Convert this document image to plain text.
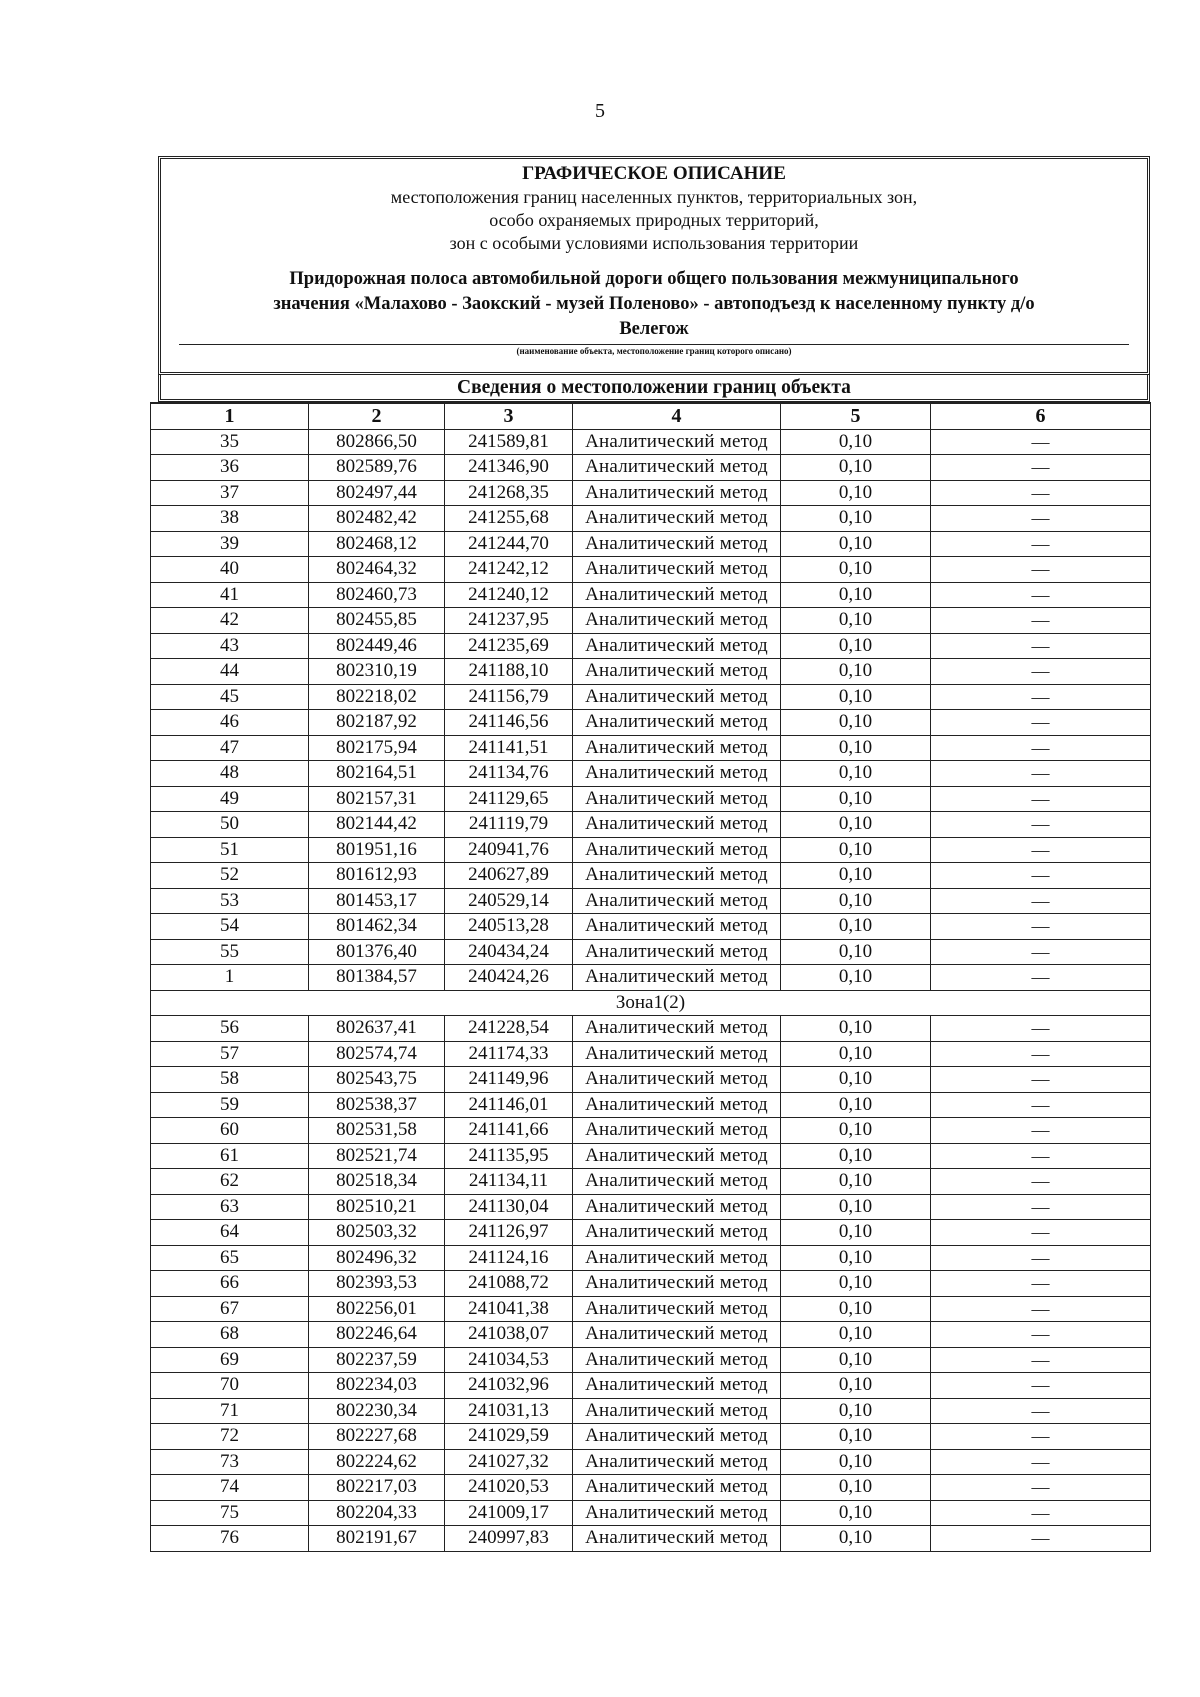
5
ГРАФИЧЕСКОЕ ОПИСАНИЕ
местоположения границ населенных пунктов, территориальных зон,
особо охраняемых природных территорий,
зон с особыми условиями использования территории
Придорожная полоса автомобильной дороги общего пользования межмуниципального
значения «Малахово - Заокский - музей Поленово» - автоподъезд к населенному пункту д/о
Велегож
(наименование объекта, местоположение границ которого описано)
Сведения о местоположении границ объекта
1	2	3	4	5	6
35	802866,50	241589,81	Аналитический метод	0,10	—
36	802589,76	241346,90	Аналитический метод	0,10	—
37	802497,44	241268,35	Аналитический метод	0,10	—
38	802482,42	241255,68	Аналитический метод	0,10	—
39	802468,12	241244,70	Аналитический метод	0,10	—
40	802464,32	241242,12	Аналитический метод	0,10	—
41	802460,73	241240,12	Аналитический метод	0,10	—
42	802455,85	241237,95	Аналитический метод	0,10	—
43	802449,46	241235,69	Аналитический метод	0,10	—
44	802310,19	241188,10	Аналитический метод	0,10	—
45	802218,02	241156,79	Аналитический метод	0,10	—
46	802187,92	241146,56	Аналитический метод	0,10	—
47	802175,94	241141,51	Аналитический метод	0,10	—
48	802164,51	241134,76	Аналитический метод	0,10	—
49	802157,31	241129,65	Аналитический метод	0,10	—
50	802144,42	241119,79	Аналитический метод	0,10	—
51	801951,16	240941,76	Аналитический метод	0,10	—
52	801612,93	240627,89	Аналитический метод	0,10	—
53	801453,17	240529,14	Аналитический метод	0,10	—
54	801462,34	240513,28	Аналитический метод	0,10	—
55	801376,40	240434,24	Аналитический метод	0,10	—
1	801384,57	240424,26	Аналитический метод	0,10	—
Зона1(2)					
56	802637,41	241228,54	Аналитический метод	0,10	—
57	802574,74	241174,33	Аналитический метод	0,10	—
58	802543,75	241149,96	Аналитический метод	0,10	—
59	802538,37	241146,01	Аналитический метод	0,10	—
60	802531,58	241141,66	Аналитический метод	0,10	—
61	802521,74	241135,95	Аналитический метод	0,10	—
62	802518,34	241134,11	Аналитический метод	0,10	—
63	802510,21	241130,04	Аналитический метод	0,10	—
64	802503,32	241126,97	Аналитический метод	0,10	—
65	802496,32	241124,16	Аналитический метод	0,10	—
66	802393,53	241088,72	Аналитический метод	0,10	—
67	802256,01	241041,38	Аналитический метод	0,10	—
68	802246,64	241038,07	Аналитический метод	0,10	—
69	802237,59	241034,53	Аналитический метод	0,10	—
70	802234,03	241032,96	Аналитический метод	0,10	—
71	802230,34	241031,13	Аналитический метод	0,10	—
72	802227,68	241029,59	Аналитический метод	0,10	—
73	802224,62	241027,32	Аналитический метод	0,10	—
74	802217,03	241020,53	Аналитический метод	0,10	—
75	802204,33	241009,17	Аналитический метод	0,10	—
76	802191,67	240997,83	Аналитический метод	0,10	—
